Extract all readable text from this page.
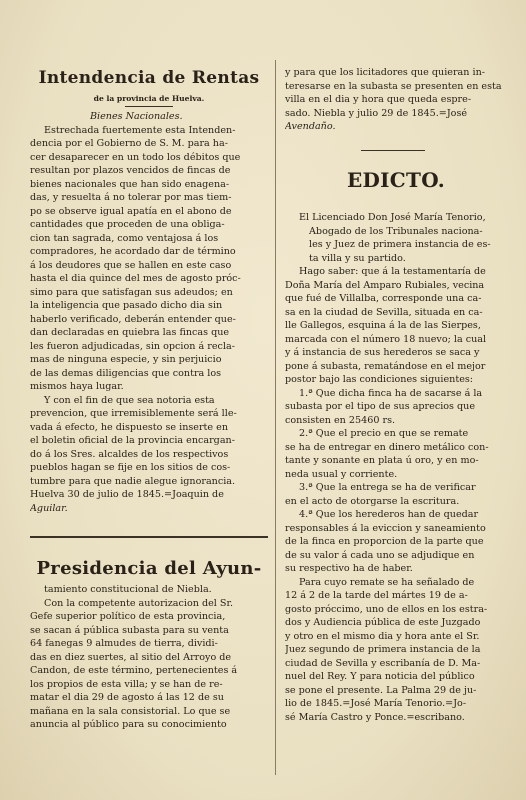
Intendencia de Rentas
de la provincia de Huelva.

Bienes Nacionales.

Estrechada fuertemente esta Intenden-
dencia por el Gobierno de S. M. para ha-
cer desaparecer en un todo los débitos que
resultan por plazos vencidos de fincas de
bienes nacionales que han sido enagena-
das, y resuelta á no tolerar por mas tiem-
po se observe igual apatía en el abono de
cantidades que proceden de una obliga-
cion tan sagrada, como ventajosa á los
compradores, he acordado dar de término
á los deudores que se hallen en este caso
hasta el dia quince del mes de agosto próc-
simo para que satisfagan sus adeudos; en
la inteligencia que pasado dicho dia sin
haberlo verificado, deberán entender que-
dan declaradas en quiebra las fincas que
les fueron adjudicadas, sin opcion á recla-
mas de ninguna especie, y sin perjuicio
de las demas diligencias que contra los
mismos haya lugar.
Y con el fin de que sea notoria esta
prevencion, que irremisiblemente será lle-
vada á efecto, he dispuesto se inserte en
el boletin oficial de la provincia encargan-
do á los Sres. alcaldes de los respectivos
pueblos hagan se fije en los sitios de cos-
tumbre para que nadie alegue ignorancia.
Huelva 30 de julio de 1845.=Joaquin de
Aguilar.
Presidencia del Ayun-
tamiento constitucional de Niebla.
Con la competente autorizacion del Sr.
Gefe superior político de esta provincia,
se sacan á pública subasta para su venta
64 fanegas 9 almudes de tierra, dividi-
das en diez suertes, al sitio del Arroyo de
Candon, de este término, pertenecientes á
los propios de esta villa; y se han de re-
matar el dia 29 de agosto á las 12 de su
mañana en la sala consistorial. Lo que se
anuncia al público para su conocimiento
y para que los licitadores que quieran in-
teresarse en la subasta se presenten en esta
villa en el dia y hora que queda espre-
sado. Niebla y julio 29 de 1845.=José
Avendaño.
EDICTO.
El Licenciado Don José María Tenorio,
Abogado de los Tribunales naciona-
les y Juez de primera instancia de es-
ta villa y su partido.
Hago saber: que á la testamentaría de
Doña María del Amparo Rubiales, vecina
que fué de Villalba, corresponde una ca-
sa en la ciudad de Sevilla, situada en ca-
lle Gallegos, esquina á la de las Sierpes,
marcada con el número 18 nuevo; la cual
y á instancia de sus herederos se saca y
pone á subasta, rematándose en el mejor
postor bajo las condiciones siguientes:
1.ª Que dicha finca ha de sacarse á la
subasta por el tipo de sus aprecios que
consisten en 25460 rs.
2.ª Que el precio en que se remate
se ha de entregar en dinero metálico con-
tante y sonante en plata ú oro, y en mo-
neda usual y corriente.
3.ª Que la entrega se ha de verificar
en el acto de otorgarse la escritura.
4.ª Que los herederos han de quedar
responsables á la eviccion y saneamiento
de la finca en proporcion de la parte que
de su valor á cada uno se adjudique en
su respectivo ha de haber.
Para cuyo remate se ha señalado de
12 á 2 de la tarde del mártes 19 de a-
gosto próccimo, uno de ellos en los estra-
dos y Audiencia pública de este Juzgado
y otro en el mismo dia y hora ante el Sr.
Juez segundo de primera instancia de la
ciudad de Sevilla y escribanía de D. Ma-
nuel del Rey. Y para noticia del público
se pone el presente. La Palma 29 de ju-
lio de 1845.=José María Tenorio.=Jo-
sé María Castro y Ponce.=escribano.
